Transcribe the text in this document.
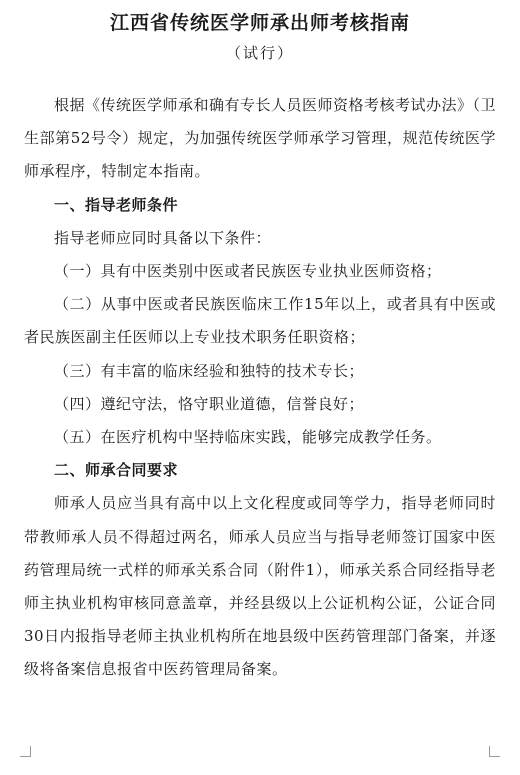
江西省传统医学师承出师考核指南
（试行）

根据《传统医学师承和确有专长人员医师资格考核考试办法》（卫生部第52号令）规定，为加强传统医学师承学习管理，规范传统医学师承程序，特制定本指南。

一、指导老师条件

指导老师应同时具备以下条件：

（一）具有中医类别中医或者民族医专业执业医师资格；

（二）从事中医或者民族医临床工作15年以上，或者具有中医或者民族医副主任医师以上专业技术职务任职资格；

（三）有丰富的临床经验和独特的技术专长；

（四）遵纪守法，恪守职业道德，信誉良好；

（五）在医疗机构中坚持临床实践，能够完成教学任务。

二、师承合同要求

师承人员应当具有高中以上文化程度或同等学力，指导老师同时带教师承人员不得超过两名，师承人员应当与指导老师签订国家中医药管理局统一式样的师承关系合同（附件1），师承关系合同经指导老师主执业机构审核同意盖章，并经县级以上公证机构公证，公证合同30日内报指导老师主执业机构所在地县级中医药管理部门备案，并逐级将备案信息报省中医药管理局备案。
